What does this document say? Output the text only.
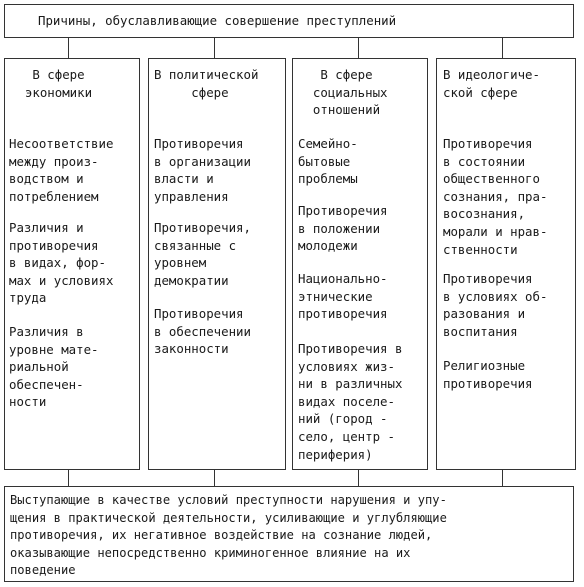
Причины, обуславливающие совершение преступлений
В сфере
экономики
Несоответствие
между произ-
водством и
потреблением
Различия и
противоречия
в видах, фор-
мах и условиях
труда
Различия в
уровне матe-
риальной
обеспечен-
ности
В политической
сфере
Противоречия
в организации
власти и
управления
Противоречия,
связанные с
уровнем
демократии
Противоречия
в обеспечении
законности
В сфере
социальных
отношений
Семейно-
бытовые
проблемы
Противоречия
в положении
молодежи
Национально-
этнические
противоречия
Противоречия в
условиях жиз-
ни в различных
видах поселе-
ний (город -
село, центр -
периферия)
В идеологиче-
ской сфере
Противоречия
в состоянии
общественного
сознания, пра-
восознания,
морали и нрав-
ственности
Противоречия
в условиях об-
разования и
воспитания
Религиозные
противоречия
Выступающие в качестве условий преступности нарушения и упу-
щения в практической деятельности, усиливающие и углубляющие
противоречия, их негативное воздействие на сознание людей,
оказывающие непосредственно криминогенное влияние на их
поведение
